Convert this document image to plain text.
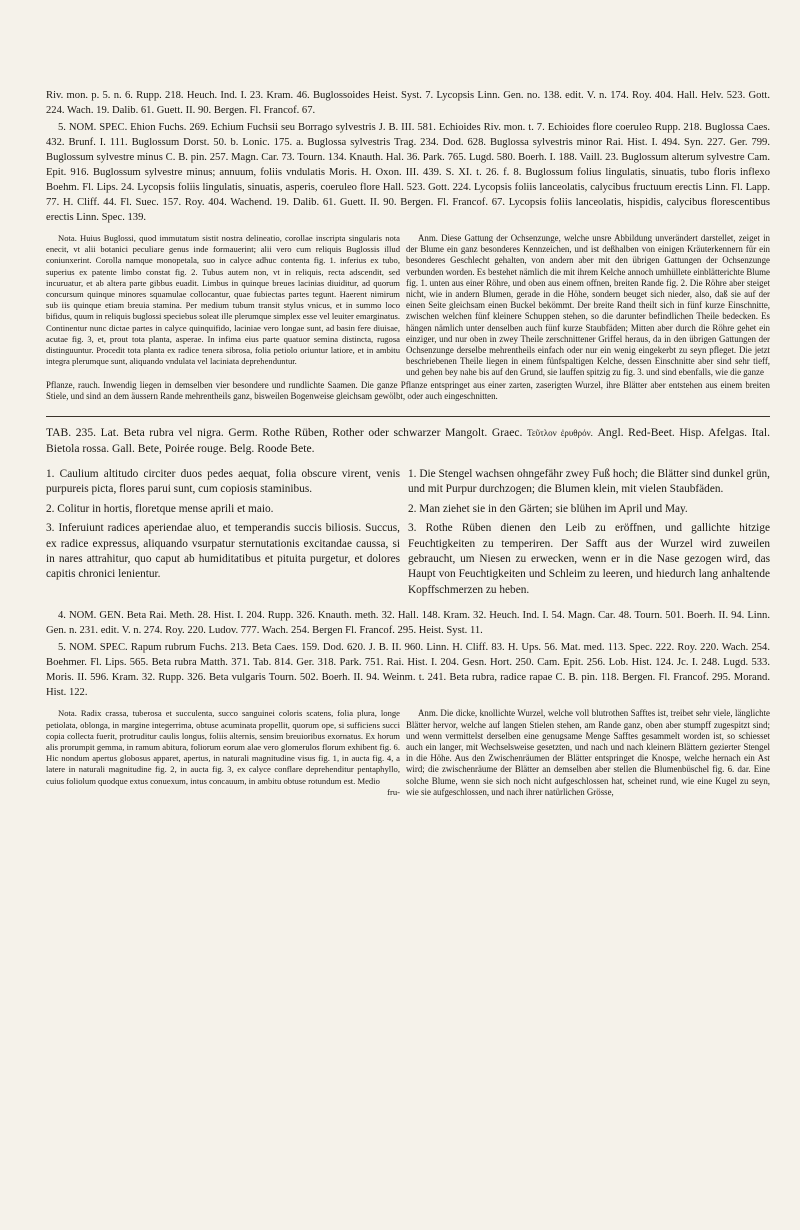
Riv. mon. p. 5. n. 6. Rupp. 218. Heuch. Ind. I. 23. Kram. 46. Buglossoides Heist. Syst. 7. Lycopsis Linn. Gen. no. 138. edit. V. n. 174. Roy. 404. Hall. Helv. 523. Gott. 224. Wach. 19. Dalib. 61. Guett. II. 90. Bergen. Fl. Francof. 67.

5. NOM. SPEC. Ehion Fuchs. 269. Echium Fuchsii seu Borrago sylvestris J. B. III. 581. Echioides Riv. mon. t. 7. Echioides flore coeruleo Rupp. 218. Buglossa Caes. 432. Brunf. I. 111. Buglossum Dorst. 50. b. Lonic. 175. a. Buglossa sylvestris Trag. 234. Dod. 628. Buglossa sylvestris minor Rai. Hist. I. 494. Syn. 227. Ger. 799. Buglossum sylvestre minus C. B. pin. 257. Magn. Car. 73. Tourn. 134. Knauth. Hal. 36. Park. 765. Lugd. 580. Boerh. I. 188. Vaill. 23. Buglossum alterum sylvestre Cam. Epit. 916. Buglossum sylvestre minus; annuum, foliis vndulatis Moris. H. Oxon. III. 439. S. XI. t. 26. f. 8. Buglossum folius lingulatis, sinuatis, tubo floris inflexo Boehm. Fl. Lips. 24. Lycopsis foliis lingulatis, sinuatis, asperis, coeruleo flore Hall. 523. Gott. 224. Lycopsis foliis lanceolatis, calycibus fructuum erectis Linn. Fl. Lapp. 77. H. Cliff. 44. Fl. Suec. 157. Roy. 404. Wachend. 19. Dalib. 61. Guett. II. 90. Bergen. Fl. Francof. 67. Lycopsis foliis lanceolatis, hispidis, calycibus florescentibus erectis Linn. Spec. 139.

Nota. Huius Buglossi, quod immutatum sistit nostra delineatio, corollae inscripta singularis nota enecit, vt alii botanici peculiare genus inde formauerint; alii vero cum reliquis Buglossis illud coniunxerint. Corolla namque monopetala, suo in calyce adhuc contenta fig. 1. inferius ex tubo, superius ex patente limbo constat fig. 2. Tubus autem non, vt in reliquis, recta adscendit, sed incuruatur, et ab altera parte gibbus euadit. Limbus in quinque breues lacinias diuiditur, ad quorum concursum quinque minores squamulae collocantur, quae fubiectas partes tegunt. Haerent nimirum sub iis quinque etiam breuia stamina. Per medium tubum transit stylus vnicus, et in summo loco bifidus, quum in reliquis buglossi speciebus soleat ille plerumque simplex esse vel leuiter emarginatus. Continentur nunc dictae partes in calyce quinquifido, laciniae vero longae sunt, ad basin fere diuisae, acutae fig. 3, et, prout tota planta, asperae. In infima eius parte quatuor semina distincta, rugosa distinguuntur. Procedit tota planta ex radice tenera sibrosa, folia petiolo oriuntur latiore, et in ambitu integra plerumque sunt, aliquando vndulata vel laciniata deprehenduntur.

Anm. Diese Gattung der Ochsenzunge, welche unsre Abbildung unverändert darstellet, zeiget in der Blume ein ganz besonderes Kennzeichen, und ist deßhalben von einigen Kräuterkennern für ein besonderes Geschlecht gehalten, von andern aber mit den übrigen Gattungen der Ochsenzunge verbunden worden. Es bestehet nämlich die mit ihrem Kelche annoch umhüllete einblätterichte Blume fig. 1. unten aus einer Röhre, und oben aus einem offnen, breiten Rande fig. 2. Die Röhre aber steiget nicht, wie in andern Blumen, gerade in die Höhe, sondern beuget sich nieder, also, daß sie auf der einen Seite gleichsam einen Buckel bekömmt. Der breite Rand theilt sich in fünf kurze Einschnitte, zwischen welchen fünf kleinere Schuppen stehen, so die darunter befindlichen Theile bedecken. Es hängen nämlich unter denselben auch fünf kurze Staubfäden; Mitten aber durch die Röhre gehet ein einziger, und nur oben in zwey Theile zerschnittener Griffel heraus, da in den übrigen Gattungen der Ochsenzunge derselbe mehrentheils einfach oder nur ein wenig eingekerbt zu seyn pfleget. Die jetzt beschriebenen Theile liegen in einem fünfspaltigen Kelche, dessen Einschnitte aber sind sehr tieff, und gehen bey nahe bis auf den Grund, sie lauffen spitzig zu fig. 3. und sind ebenfalls, wie die ganze

Pflanze, rauch. Inwendig liegen in demselben vier besondere und rundlichte Saamen. Die ganze Pflanze entspringet aus einer zarten, zaserigten Wurzel, ihre Blätter aber entstehen aus einem breiten Stiele, und sind an dem äussern Rande mehrentheils ganz, bisweilen Bogenweise gleichsam gewölbt, oder auch eingeschnitten.

TAB. 235. Lat. Beta rubra vel nigra. Germ. Rothe Rüben, Rother oder schwarzer Mangolt. Graec. Τεῦτλον ἐρυθρόν. Angl. Red-Beet. Hisp. Afelgas. Ital. Bietola rossa. Gall. Bete, Poirée rouge. Belg. Roode Bete.

1. Caulium altitudo circiter duos pedes aequat, folia obscure virent, venis purpureis picta, flores parui sunt, cum copiosis staminibus.

2. Colitur in hortis, floretque mense aprili et maio.

3. Inferuiunt radices aperiendae aluo, et temperandis succis biliosis. Succus, ex radice expressus, aliquando vsurpatur sternutationis excitandae caussa, si in nares attrahitur, quo caput ab humiditatibus et pituita purgetur, et dolores capitis chronici lenientur.

1. Die Stengel wachsen ohngefähr zwey Fuß hoch; die Blätter sind dunkel grün, und mit Purpur durchzogen; die Blumen klein, mit vielen Staubfäden.

2. Man ziehet sie in den Gärten; sie blühen im April und May.

3. Rothe Rüben dienen den Leib zu eröffnen, und gallichte hitzige Feuchtigkeiten zu temperiren. Der Safft aus der Wurzel wird zuweilen gebraucht, um Niesen zu erwecken, wenn er in die Nase gezogen wird, das Haupt von Feuchtigkeiten und Schleim zu leeren, und hiedurch lang anhaltende Kopffschmerzen zu heben.

4. NOM. GEN. Beta Rai. Meth. 28. Hist. I. 204. Rupp. 326. Knauth. meth. 32. Hall. 148. Kram. 32. Heuch. Ind. I. 54. Magn. Car. 48. Tourn. 501. Boerh. II. 94. Linn. Gen. n. 231. edit. V. n. 274. Roy. 220. Ludov. 777. Wach. 254. Bergen Fl. Francof. 295. Heist. Syst. 11.

5. NOM. SPEC. Rapum rubrum Fuchs. 213. Beta Caes. 159. Dod. 620. J. B. II. 960. Linn. H. Cliff. 83. H. Ups. 56. Mat. med. 113. Spec. 222. Roy. 220. Wach. 254. Boehmer. Fl. Lips. 565. Beta rubra Matth. 371. Tab. 814. Ger. 318. Park. 751. Rai. Hist. I. 204. Gesn. Hort. 250. Cam. Epit. 256. Lob. Hist. 124. Jc. I. 248. Lugd. 533. Moris. II. 596. Kram. 32. Rupp. 326. Beta vulgaris Tourn. 502. Boerh. II. 94. Weinm. t. 241. Beta rubra, radice rapae C. B. pin. 118. Bergen. Fl. Francof. 295. Morand. Hist. 122.

Nota. Radix crassa, tuberosa et succulenta, succo sanguinei coloris scatens, folia plura, longe petiolata, oblonga, in margine integerrima, obtuse acuminata propellit, quorum ope, si sufficiens succi copia collecta fuerit, protruditur caulis longus, foliis alternis, sensim breuioribus exornatus. Ex horum alis prorumpit gemma, in ramum abitura, foliorum eorum alae vero glomerulos florum exhibent fig. 6. Hic nondum apertus globosus apparet, apertus, in naturali magnitudine visus fig. 1, in aucta fig. 4, a latere in naturali magnitudine fig. 2, in aucta fig. 3, ex calyce conflare deprehenditur pentaphyllo, cuius foliolum quodque extus conuexum, intus concauum, in ambitu obtuse rotundum est. Medio

fru-

Anm. Die dicke, knollichte Wurzel, welche voll blutrothen Safftes ist, treibet sehr viele, länglichte Blätter hervor, welche auf langen Stielen stehen, am Rande ganz, oben aber stumpff zugespitzt sind; und wenn vermittelst derselben eine genugsame Menge Safftes gesammelt worden ist, so schiesset auch ein langer, mit Wechselsweise gesetzten, und nach und nach kleinern Blättern gezierter Stengel in die Höhe. Aus den Zwischenräumen der Blätter entspringet die Knospe, welche hernach ein Ast wird; die zwischenräume der Blätter an demselben aber stellen die Blumenbüschel fig. 6. dar. Eine solche Blume, wenn sie sich noch nicht aufgeschlossen hat, scheinet rund, wie eine Kugel zu seyn, wie sie aufgeschlossen, und nach ihrer natürlichen Grösse,
